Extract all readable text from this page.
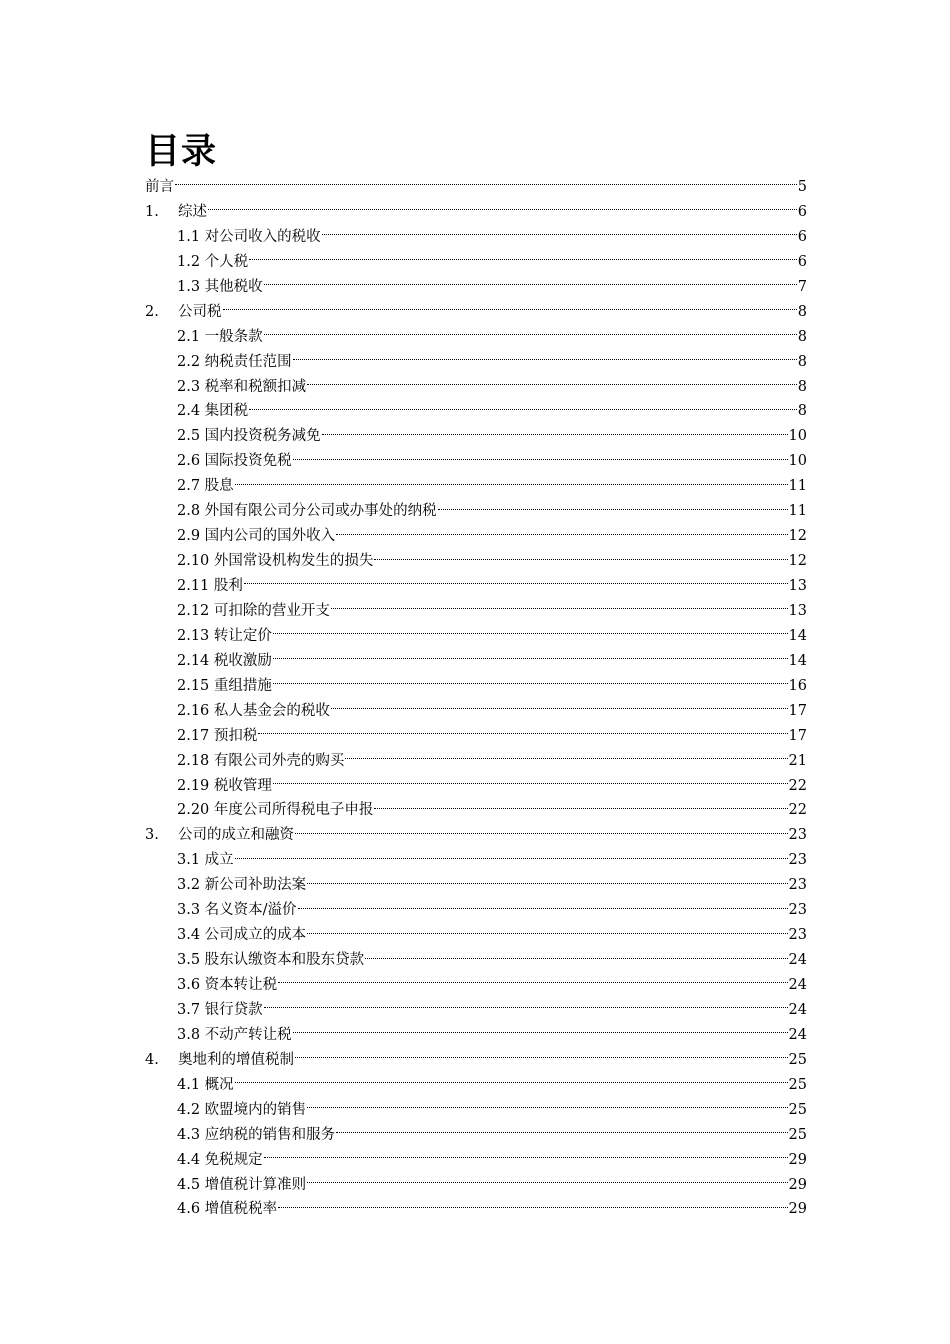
目录
前言	5
1.	综述	6
1.1 对公司收入的税收	6
1.2 个人税	6
1.3 其他税收	7
2.	公司税	8
2.1 一般条款	8
2.2 纳税责任范围	8
2.3 税率和税额扣减	8
2.4 集团税	8
2.5 国内投资税务减免	10
2.6 国际投资免税	10
2.7 股息	11
2.8 外国有限公司分公司或办事处的纳税	11
2.9 国内公司的国外收入	12
2.10 外国常设机构发生的损失	12
2.11 股利	13
2.12 可扣除的营业开支	13
2.13 转让定价	14
2.14 税收激励	14
2.15 重组措施	16
2.16 私人基金会的税收	17
2.17 预扣税	17
2.18 有限公司外壳的购买	21
2.19 税收管理	22
2.20 年度公司所得税电子申报	22
3.	公司的成立和融资	23
3.1 成立	23
3.2 新公司补助法案	23
3.3 名义资本/溢价	23
3.4 公司成立的成本	23
3.5 股东认缴资本和股东贷款	24
3.6 资本转让税	24
3.7 银行贷款	24
3.8 不动产转让税	24
4.	奥地利的增值税制	25
4.1 概况	25
4.2 欧盟境内的销售	25
4.3 应纳税的销售和服务	25
4.4 免税规定	29
4.5 增值税计算准则	29
4.6 增值税税率	29
